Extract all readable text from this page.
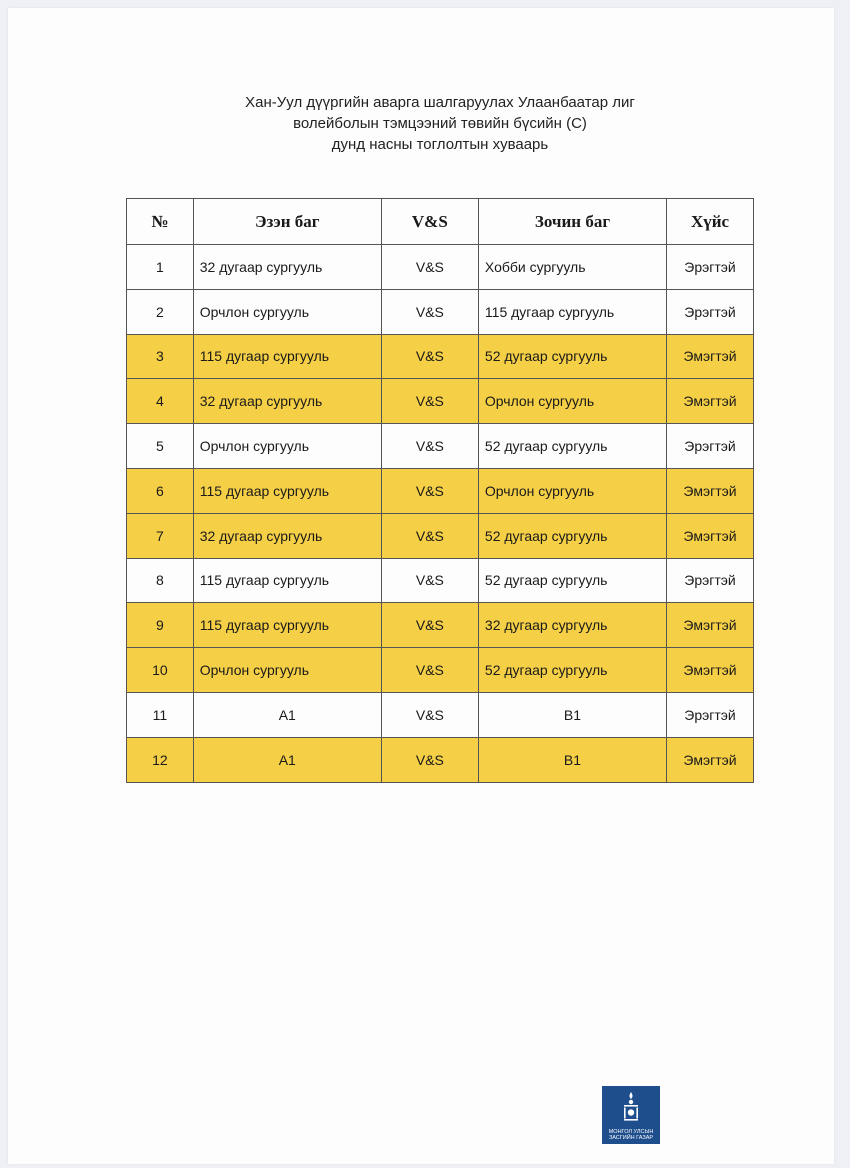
Хан-Уул дүүргийн аварга шалгаруулах Улаанбаатар лиг
волейболын тэмцээний төвийн бүсийн (С)
дунд насны тоглолтын хуваарь
№	Эзэн баг	V&S	Зочин баг	Хүйс
1	32 дугаар сургууль	V&S	Хобби сургууль	Эрэгтэй
2	Орчлон сургууль	V&S	115 дугаар сургууль	Эрэгтэй
3	115 дугаар сургууль	V&S	52 дугаар сургууль	Эмэгтэй
4	32 дугаар сургууль	V&S	Орчлон сургууль	Эмэгтэй
5	Орчлон сургууль	V&S	52 дугаар сургууль	Эрэгтэй
6	115 дугаар сургууль	V&S	Орчлон сургууль	Эмэгтэй
7	32 дугаар сургууль	V&S	52 дугаар сургууль	Эмэгтэй
8	115 дугаар сургууль	V&S	52 дугаар сургууль	Эрэгтэй
9	115 дугаар сургууль	V&S	32 дугаар сургууль	Эмэгтэй
10	Орчлон сургууль	V&S	52 дугаар сургууль	Эмэгтэй
11	A1	V&S	B1	Эрэгтэй
12	A1	V&S	B1	Эмэгтэй
МОНГОЛ УЛСЫН
ЗАСГИЙН ГАЗАР
